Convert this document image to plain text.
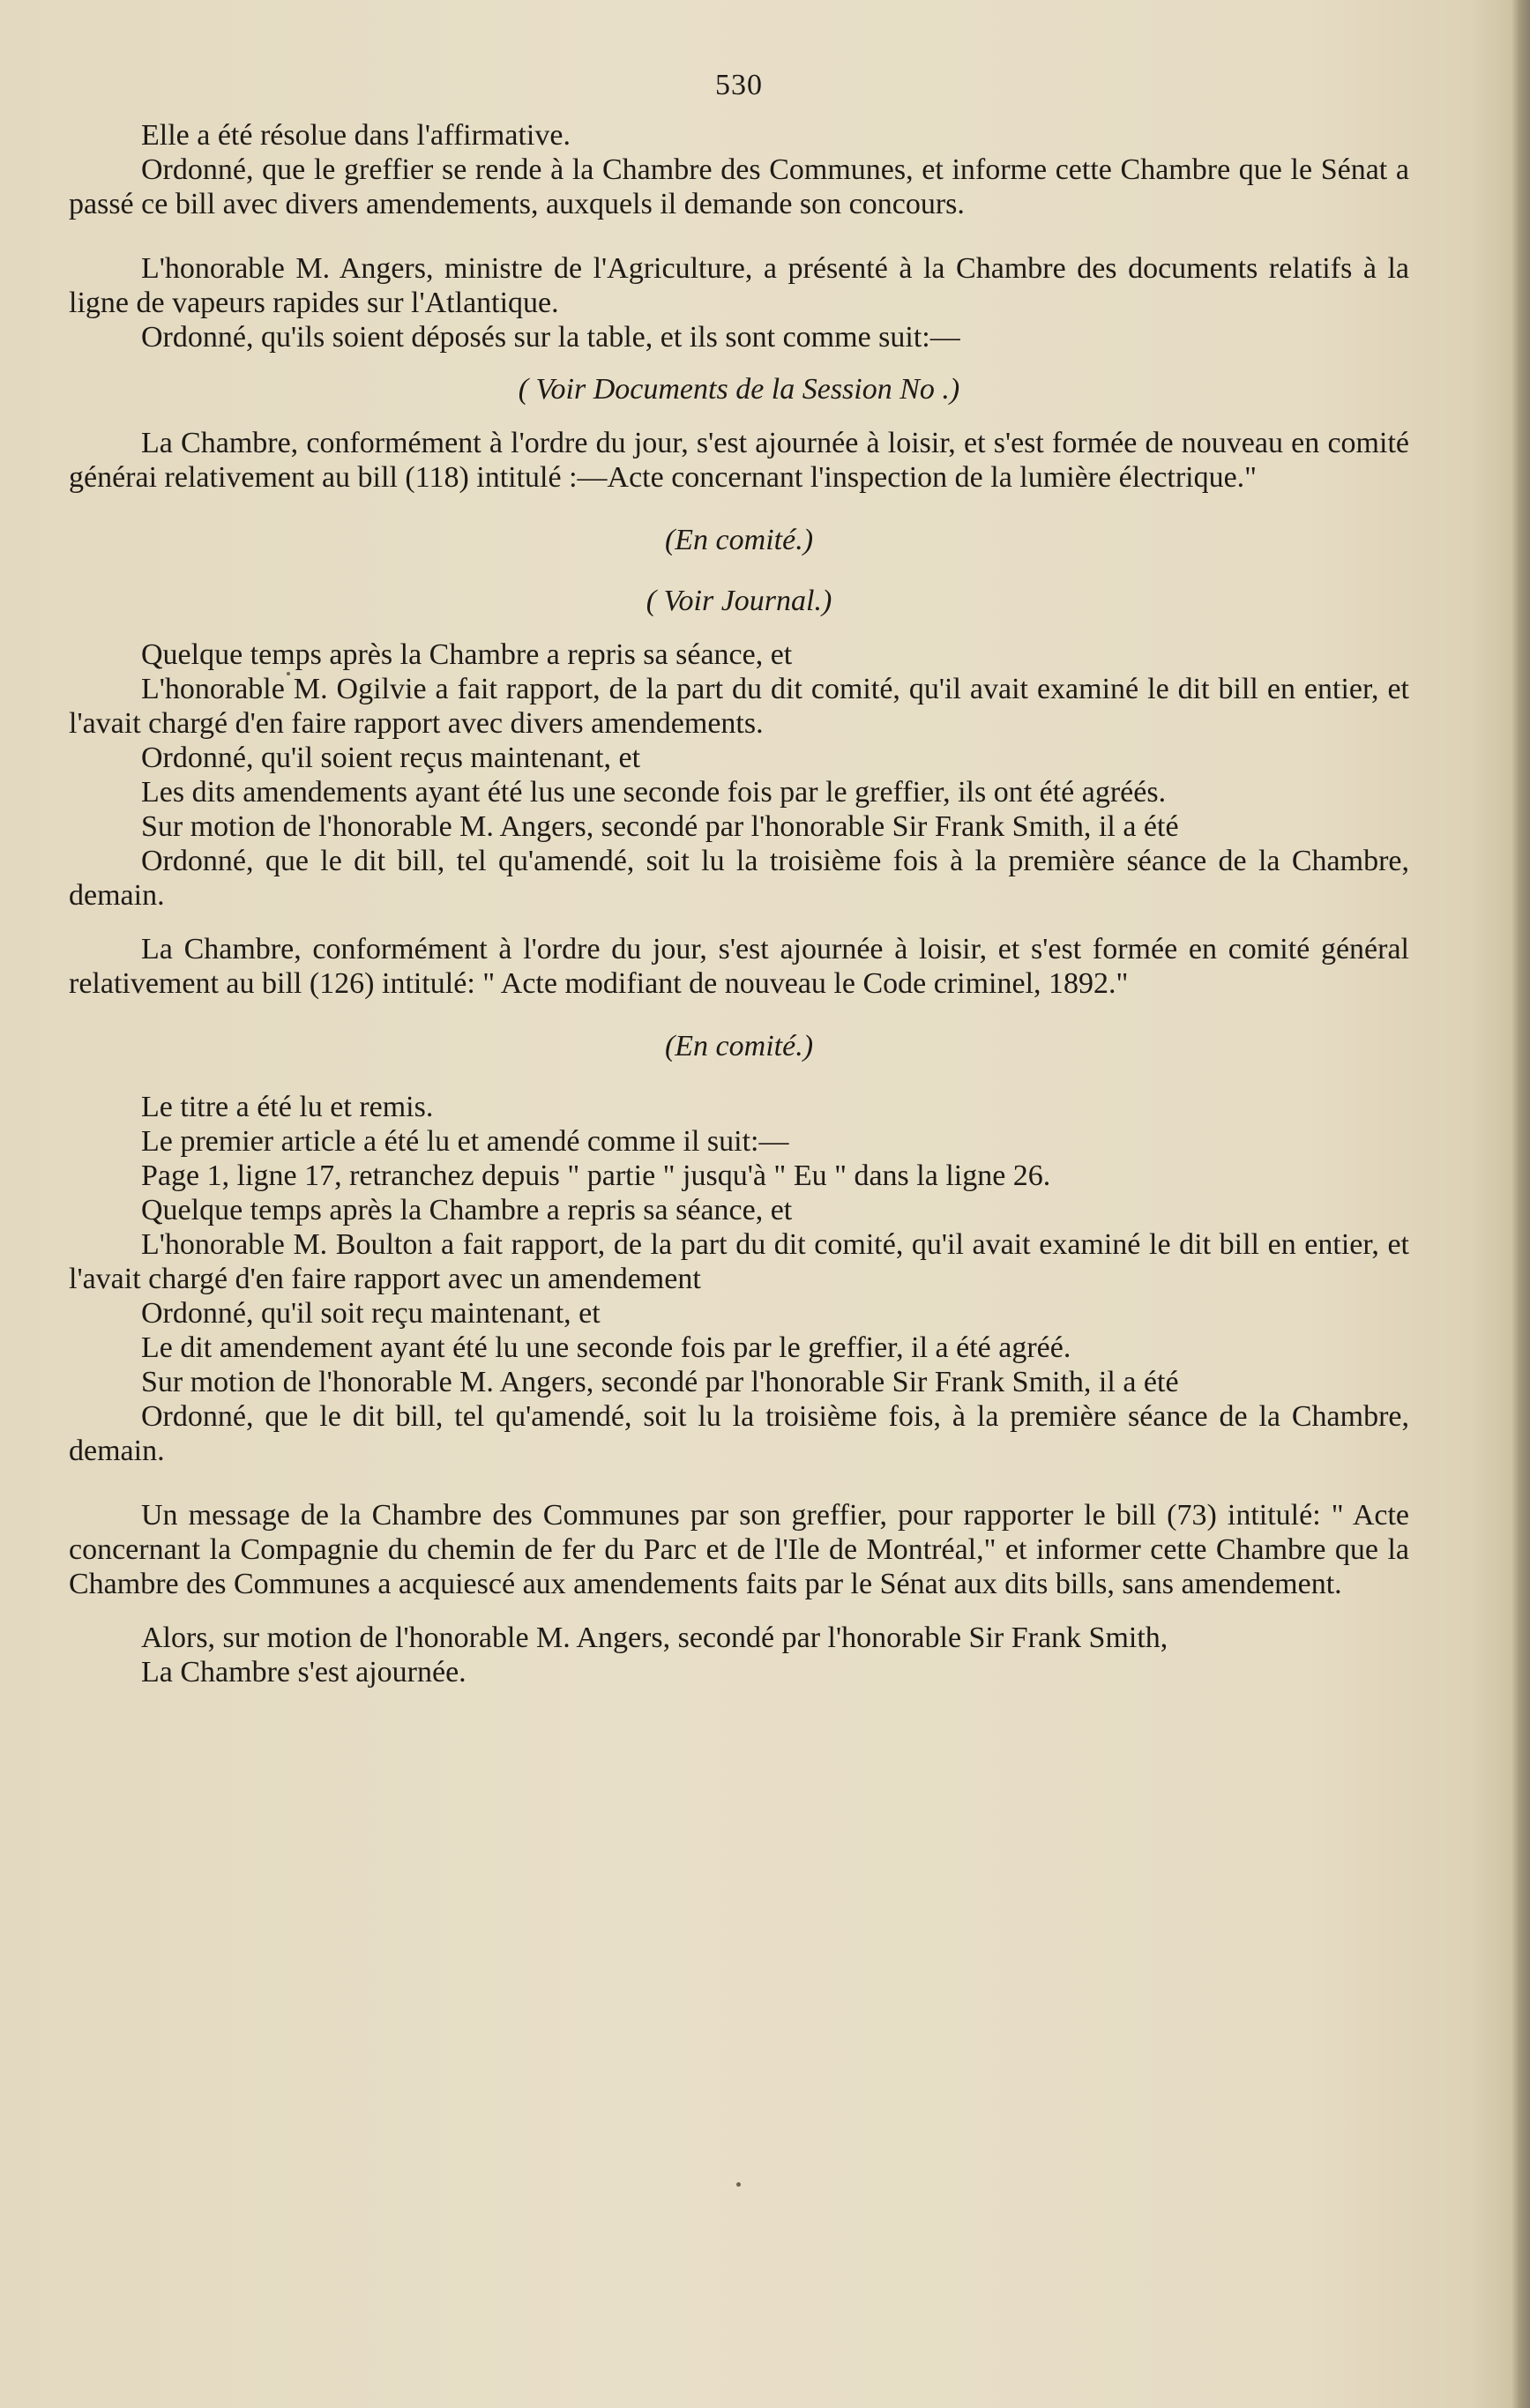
530

Elle a été résolue dans l'affirmative.

Ordonné, que le greffier se rende à la Chambre des Communes, et informe cette Chambre que le Sénat a passé ce bill avec divers amendements, auxquels il demande son concours.

L'honorable M. Angers, ministre de l'Agriculture, a présenté à la Chambre des documents relatifs à la ligne de vapeurs rapides sur l'Atlantique.

Ordonné, qu'ils soient déposés sur la table, et ils sont comme suit:—

( Voir Documents de la Session No .)

La Chambre, conformément à l'ordre du jour, s'est ajournée à loisir, et s'est formée de nouveau en comité générai relativement au bill (118) intitulé :—Acte concernant l'inspection de la lumière électrique."

(En comité.)

( Voir Journal.)

Quelque temps après la Chambre a repris sa séance, et

L'honorable M. Ogilvie a fait rapport, de la part du dit comité, qu'il avait examiné le dit bill en entier, et l'avait chargé d'en faire rapport avec divers amendements.

Ordonné, qu'il soient reçus maintenant, et

Les dits amendements ayant été lus une seconde fois par le greffier, ils ont été agréés.

Sur motion de l'honorable M. Angers, secondé par l'honorable Sir Frank Smith, il a été

Ordonné, que le dit bill, tel qu'amendé, soit lu la troisième fois à la première séance de la Chambre, demain.

La Chambre, conformément à l'ordre du jour, s'est ajournée à loisir, et s'est formée en comité général relativement au bill (126) intitulé: " Acte modifiant de nouveau le Code criminel, 1892."

(En comité.)

Le titre a été lu et remis.

Le premier article a été lu et amendé comme il suit:—

Page 1, ligne 17, retranchez depuis " partie " jusqu'à " Eu " dans la ligne 26.

Quelque temps après la Chambre a repris sa séance, et

L'honorable M. Boulton a fait rapport, de la part du dit comité, qu'il avait examiné le dit bill en entier, et l'avait chargé d'en faire rapport avec un amendement

Ordonné, qu'il soit reçu maintenant, et

Le dit amendement ayant été lu une seconde fois par le greffier, il a été agréé.

Sur motion de l'honorable M. Angers, secondé par l'honorable Sir Frank Smith, il a été

Ordonné, que le dit bill, tel qu'amendé, soit lu la troisième fois, à la première séance de la Chambre, demain.

Un message de la Chambre des Communes par son greffier, pour rapporter le bill (73) intitulé: " Acte concernant la Compagnie du chemin de fer du Parc et de l'Ile de Montréal," et informer cette Chambre que la Chambre des Communes a acquiescé aux amendements faits par le Sénat aux dits bills, sans amendement.

Alors, sur motion de l'honorable M. Angers, secondé par l'honorable Sir Frank Smith,

La Chambre s'est ajournée.
